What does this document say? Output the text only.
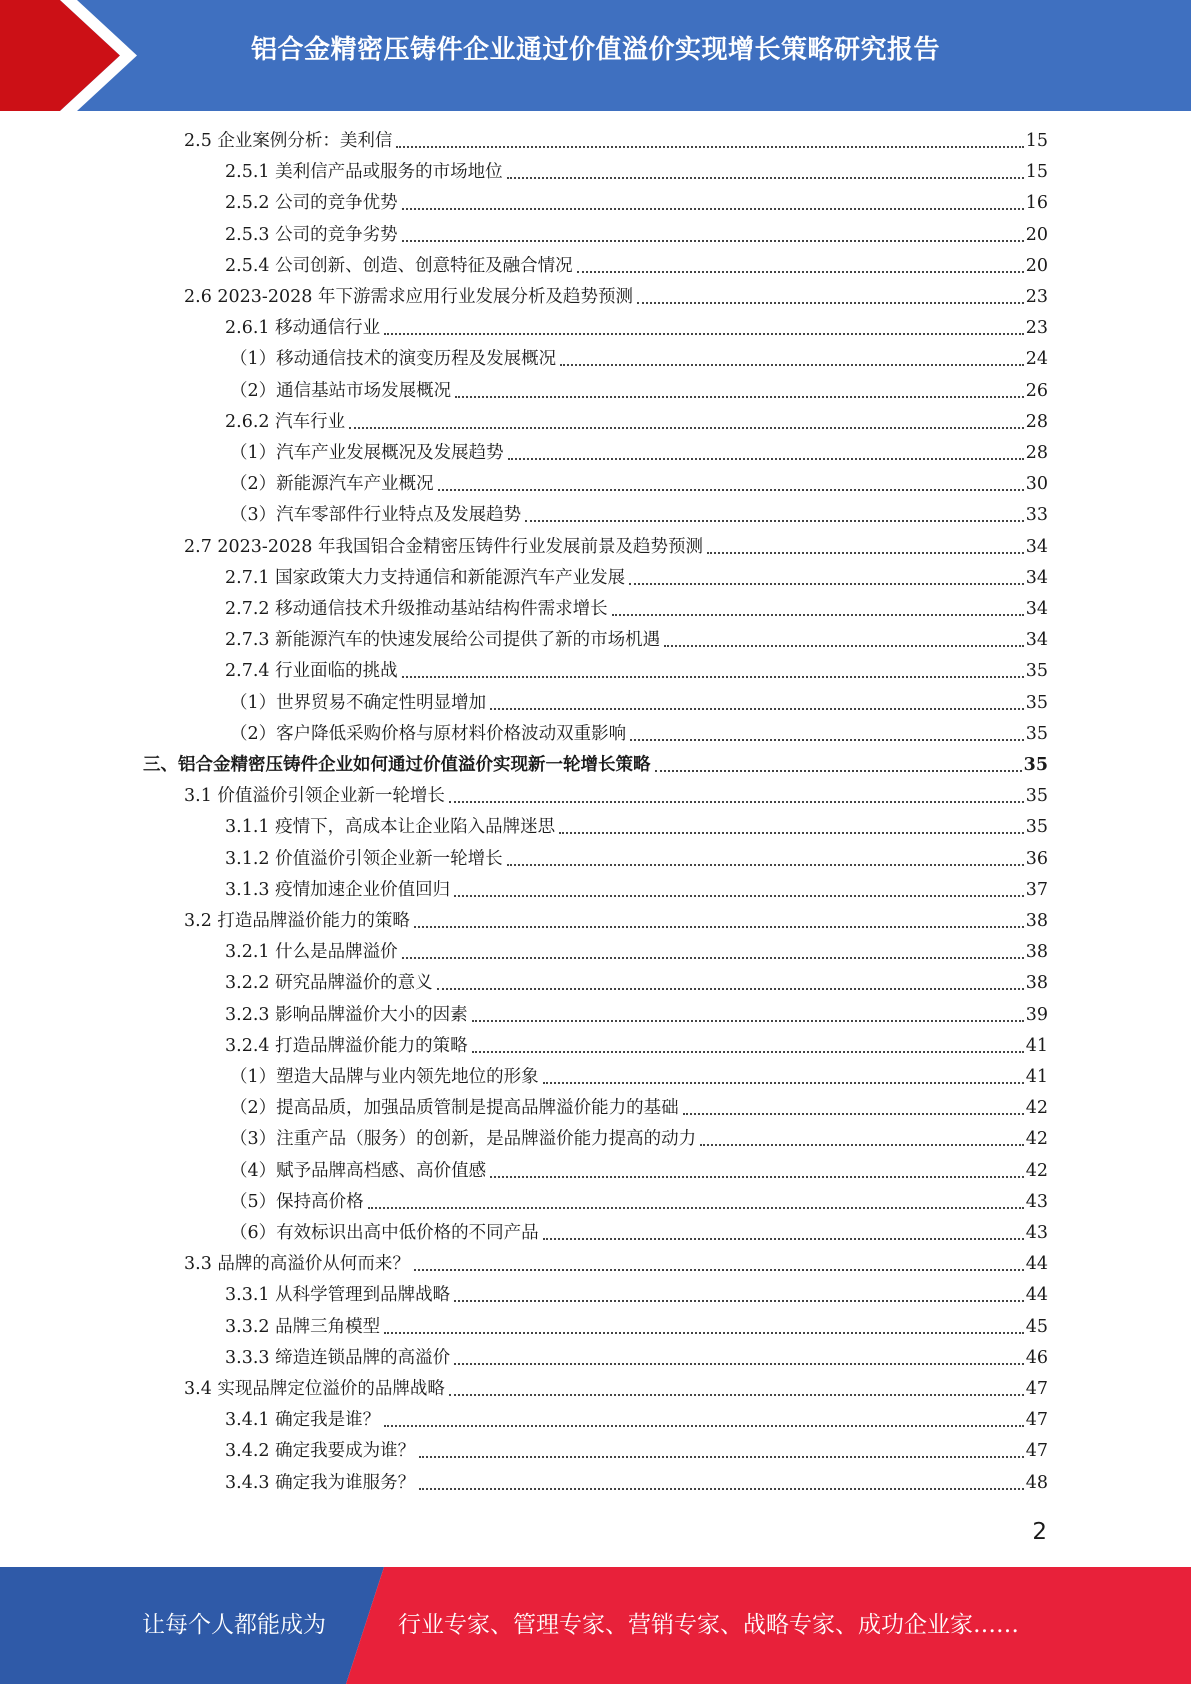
铝合金精密压铸件企业通过价值溢价实现增长策略研究报告
2.5 企业案例分析：美利信	15
2.5.1 美利信产品或服务的市场地位	15
2.5.2 公司的竞争优势	16
2.5.3 公司的竞争劣势	20
2.5.4 公司创新、创造、创意特征及融合情况	20
2.6 2023-2028 年下游需求应用行业发展分析及趋势预测	23
2.6.1 移动通信行业	23
（1）移动通信技术的演变历程及发展概况	24
（2）通信基站市场发展概况	26
2.6.2 汽车行业	28
（1）汽车产业发展概况及发展趋势	28
（2）新能源汽车产业概况	30
（3）汽车零部件行业特点及发展趋势	33
2.7 2023-2028 年我国铝合金精密压铸件行业发展前景及趋势预测	34
2.7.1 国家政策大力支持通信和新能源汽车产业发展	34
2.7.2 移动通信技术升级推动基站结构件需求增长	34
2.7.3 新能源汽车的快速发展给公司提供了新的市场机遇	34
2.7.4 行业面临的挑战	35
（1）世界贸易不确定性明显增加	35
（2）客户降低采购价格与原材料价格波动双重影响	35
三、铝合金精密压铸件企业如何通过价值溢价实现新一轮增长策略	35
3.1 价值溢价引领企业新一轮增长	35
3.1.1 疫情下，高成本让企业陷入品牌迷思	35
3.1.2 价值溢价引领企业新一轮增长	36
3.1.3 疫情加速企业价值回归	37
3.2 打造品牌溢价能力的策略	38
3.2.1 什么是品牌溢价	38
3.2.2 研究品牌溢价的意义	38
3.2.3 影响品牌溢价大小的因素	39
3.2.4 打造品牌溢价能力的策略	41
（1）塑造大品牌与业内领先地位的形象	41
（2）提高品质，加强品质管制是提高品牌溢价能力的基础	42
（3）注重产品（服务）的创新，是品牌溢价能力提高的动力	42
（4）赋予品牌高档感、高价值感	42
（5）保持高价格	43
（6）有效标识出高中低价格的不同产品	43
3.3 品牌的高溢价从何而来？	44
3.3.1 从科学管理到品牌战略	44
3.3.2 品牌三角模型	45
3.3.3 缔造连锁品牌的高溢价	46
3.4 实现品牌定位溢价的品牌战略	47
3.4.1 确定我是谁？	47
3.4.2 确定我要成为谁？	47
3.4.3 确定我为谁服务？	48
2
让每个人都能成为	行业专家、管理专家、营销专家、战略专家、成功企业家……
